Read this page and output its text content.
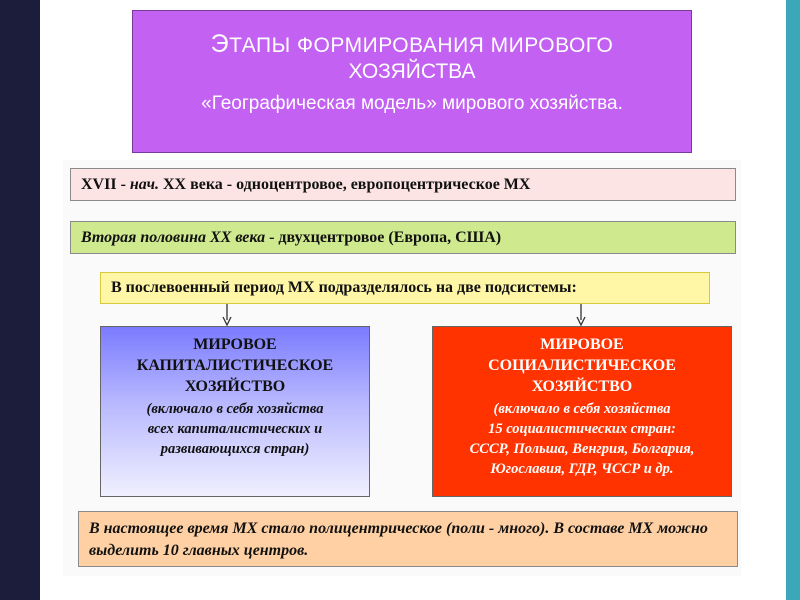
ЭТАПЫ ФОРМИРОВАНИЯ МИРОВОГО
ХОЗЯЙСТВА
«Географическая модель» мирового хозяйства.
XVII - нач. XX века - одноцентровое, европоцентрическое МХ
Вторая половина XX века - двухцентровое (Европа, США)
В послевоенный период МХ подразделялось на две подсистемы:
МИРОВОЕ
КАПИТАЛИСТИЧЕСКОЕ
ХОЗЯЙСТВО
(включало в себя хозяйства
всех капиталистических и
развивающихся стран)
МИРОВОЕ
СОЦИАЛИСТИЧЕСКОЕ
ХОЗЯЙСТВО
(включало в себя хозяйства
15 социалистических стран:
СССР, Польша, Венгрия, Болгария,
Югославия, ГДР, ЧССР и др.
В настоящее время МХ стало полицентрическое (поли - много). В составе МХ можно выделить 10 главных центров.
